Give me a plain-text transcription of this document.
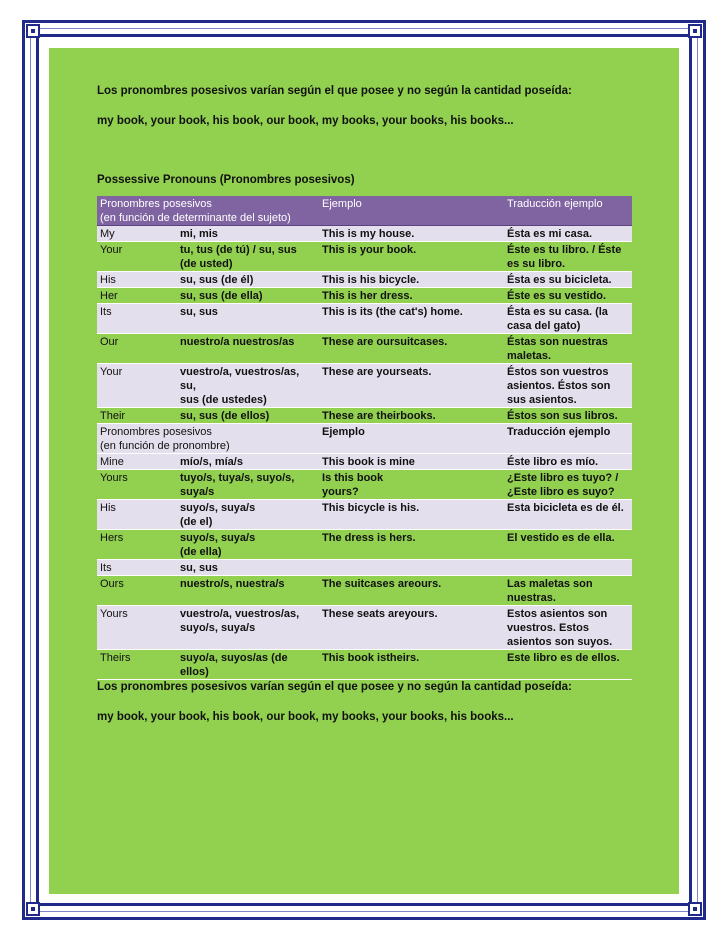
Los pronombres posesivos varían según el que posee y no según la cantidad poseída:

my book, your book, his book, our book, my books, your books, his books...

Possessive Pronouns (Pronombres posesivos)

Pronombres posesivos
(en función de determinante del sujeto)		Ejemplo	Traducción ejemplo
My	mi, mis	This is my house.	Ésta es mi casa.
Your	tu, tus (de tú) / su, sus (de usted)	This is your book.	Éste es tu libro. / Éste es su libro.
His	su, sus (de él)	This is his bicycle.	Ésta es su bicicleta.
Her	su, sus (de ella)	This is her dress.	Éste es su vestido.
Its	su, sus	This is its (the cat's) home.	Ésta es su casa. (la casa del gato)
Our	nuestro/a nuestros/as	These are oursuitcases.	Éstas son nuestras maletas.
Your	vuestro/a, vuestros/as, su,
sus (de ustedes)	These are yourseats.	Éstos son vuestros asientos. Éstos son sus asientos.
Their	su, sus (de ellos)	These are theirbooks.	Éstos son sus libros.
Pronombres posesivos
(en función de pronombre)		Ejemplo	Traducción ejemplo
Mine	mío/s, mía/s	This book is mine	Éste libro es mío.
Yours	tuyo/s, tuya/s, suyo/s, suya/s	Is this book
yours?	¿Este libro es tuyo? / ¿Este libro es suyo?
His	suyo/s, suya/s
(de el)	This bicycle is his.	Esta bicicleta es de él.
Hers	suyo/s, suya/s
(de ella)	The dress is hers.	El vestido es de ella.
Its	su, sus		
Ours	nuestro/s, nuestra/s	The suitcases areours.	Las maletas son nuestras.
Yours	vuestro/a, vuestros/as, suyo/s, suya/s	These seats areyours.	Estos asientos son vuestros. Estos asientos son suyos.
Theirs	suyo/a, suyos/as (de ellos)	This book istheirs.	Este libro es de ellos.

Los pronombres posesivos varían según el que posee y no según la cantidad poseída:

my book, your book, his book, our book, my books, your books, his books...
